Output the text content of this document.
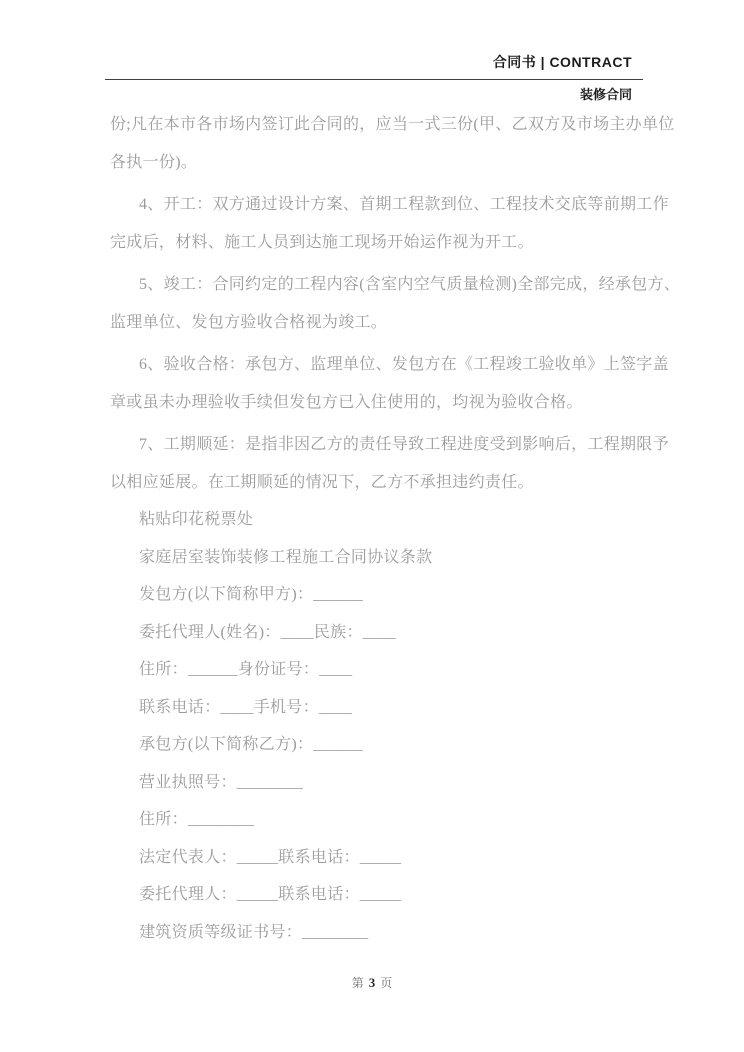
合同书 | CONTRACT
装修合同
份;凡在本市各市场内签订此合同的，应当一式三份(甲、乙双方及市场主办单位
各执一份)。
4、开工：双方通过设计方案、首期工程款到位、工程技术交底等前期工作
完成后，材料、施工人员到达施工现场开始运作视为开工。
5、竣工：合同约定的工程内容(含室内空气质量检测)全部完成，经承包方、
监理单位、发包方验收合格视为竣工。
6、验收合格：承包方、监理单位、发包方在《工程竣工验收单》上签字盖
章或虽未办理验收手续但发包方已入住使用的，均视为验收合格。
7、工期顺延：是指非因乙方的责任导致工程进度受到影响后，工程期限予
以相应延展。在工期顺延的情况下，乙方不承担违约责任。
粘贴印花税票处
家庭居室装饰装修工程施工合同协议条款
发包方(以下简称甲方)：______
委托代理人(姓名)：____民族：____
住所：______身份证号：____
联系电话：____手机号：____
承包方(以下简称乙方)：______
营业执照号：________
住所：________
法定代表人：_____联系电话：_____
委托代理人：_____联系电话：_____
建筑资质等级证书号：________
第 3 页
